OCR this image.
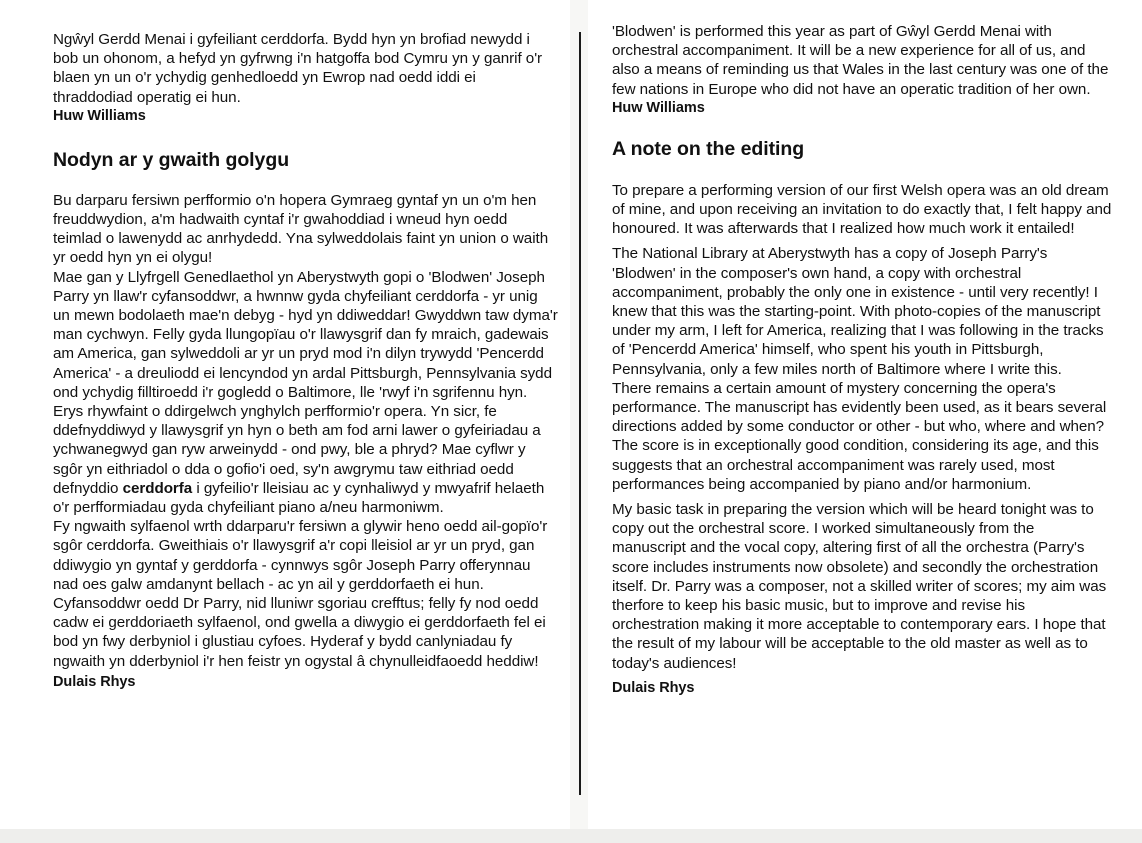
Ngŵyl Gerdd Menai i gyfeiliant cerddorfa. Bydd hyn yn brofiad newydd i bob un ohonom, a hefyd yn gyfrwng i'n hatgoffa bod Cymru yn y ganrif o'r blaen yn un o'r ychydig genhedloedd yn Ewrop nad oedd iddi ei thraddodiad operatig ei hun.

Huw Williams

Nodyn ar y gwaith golygu

Bu darparu fersiwn perfformio o'n hopera Gymraeg gyntaf yn un o'm hen freuddwydion, a'm hadwaith cyntaf i'r gwahoddiad i wneud hyn oedd teimlad o lawenydd ac anrhydedd. Yna sylweddolais faint yn union o waith yr oedd hyn yn ei olygu!

Mae gan y Llyfrgell Genedlaethol yn Aberystwyth gopi o 'Blodwen' Joseph Parry yn llaw'r cyfansoddwr, a hwnnw gyda chyfeiliant cerddorfa - yr unig un mewn bodolaeth mae'n debyg - hyd yn ddiweddar! Gwyddwn taw dyma'r man cychwyn. Felly gyda llungopïau o'r llawysgrif dan fy mraich, gadewais am America, gan sylweddoli ar yr un pryd mod i'n dilyn trywydd 'Pencerdd America' - a dreuliodd ei lencyndod yn ardal Pittsburgh, Pennsylvania sydd ond ychydig filltiroedd i'r gogledd o Baltimore, lle 'rwyf i'n sgrifennu hyn.

Erys rhywfaint o ddirgelwch ynghylch perfformio'r opera. Yn sicr, fe ddefnyddiwyd y llawysgrif yn hyn o beth am fod arni lawer o gyfeiriadau a ychwanegwyd gan ryw arweinydd - ond pwy, ble a phryd? Mae cyflwr y sgôr yn eithriadol o dda o gofio'i oed, sy'n awgrymu taw eithriad oedd defnyddio cerddorfa i gyfeilio'r lleisiau ac y cynhaliwyd y mwyafrif helaeth o'r perfformiadau gyda chyfeiliant piano a/neu harmoniwm.

Fy ngwaith sylfaenol wrth ddarparu'r fersiwn a glywir heno oedd ail-gopïo'r sgôr cerddorfa. Gweithiais o'r llawysgrif a'r copi lleisiol ar yr un pryd, gan ddiwygio yn gyntaf y gerddorfa - cynnwys sgôr Joseph Parry offerynnau nad oes galw amdanynt bellach - ac yn ail y gerddorfaeth ei hun. Cyfansoddwr oedd Dr Parry, nid lluniwr sgoriau crefftus; felly fy nod oedd cadw ei gerddoriaeth sylfaenol, ond gwella a diwygio ei gerddorfaeth fel ei bod yn fwy derbyniol i glustiau cyfoes. Hyderaf y bydd canlyniadau fy ngwaith yn dderbyniol i'r hen feistr yn ogystal â chynulleidfaoedd heddiw!

Dulais Rhys

'Blodwen' is performed this year as part of Gŵyl Gerdd Menai with orchestral accompaniment. It will be a new experience for all of us, and also a means of reminding us that Wales in the last century was one of the few nations in Europe who did not have an operatic tradition of her own.

Huw Williams

A note on the editing

To prepare a performing version of our first Welsh opera was an old dream of mine, and upon receiving an invitation to do exactly that, I felt happy and honoured. It was afterwards that I realized how much work it entailed!

The National Library at Aberystwyth has a copy of Joseph Parry's 'Blodwen' in the composer's own hand, a copy with orchestral accompaniment, probably the only one in existence - until very recently! I knew that this was the starting-point. With photo-copies of the manuscript under my arm, I left for America, realizing that I was following in the tracks of 'Pencerdd America' himself, who spent his youth in Pittsburgh, Pennsylvania, only a few miles north of Baltimore where I write this.

There remains a certain amount of mystery concerning the opera's performance. The manuscript has evidently been used, as it bears several directions added by some conductor or other - but who, where and when? The score is in exceptionally good condition, considering its age, and this suggests that an orchestral accompaniment was rarely used, most performances being accompanied by piano and/or harmonium.

My basic task in preparing the version which will be heard tonight was to copy out the orchestral score. I worked simultaneously from the manuscript and the vocal copy, altering first of all the orchestra (Parry's score includes instruments now obsolete) and secondly the orchestration itself. Dr. Parry was a composer, not a skilled writer of scores; my aim was therfore to keep his basic music, but to improve and revise his orchestration making it more acceptable to contemporary ears. I hope that the result of my labour will be acceptable to the old master as well as to today's audiences!

Dulais Rhys
